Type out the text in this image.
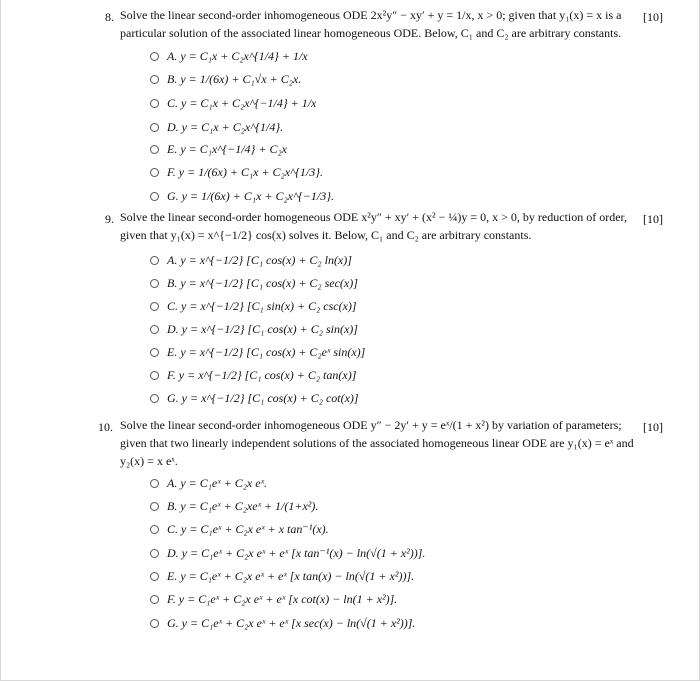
8. Solve the linear second-order inhomogeneous ODE 2x²y″ − xy′ + y = 1/x, x > 0; given that y₁(x) = x is a particular solution of the associated linear homogeneous ODE. Below, C₁ and C₂ are arbitrary constants.
[10]
A. y = C₁x + C₂x^{1/4} + 1/x
B. y = 1/(6x) + C₁√x + C₂x.
C. y = C₁x + C₂x^{−1/4} + 1/x
D. y = C₁x + C₂x^{1/4}.
E. y = C₁x^{−1/4} + C₂x
F. y = 1/(6x) + C₁x + C₂x^{1/3}.
G. y = 1/(6x) + C₁x + C₂x^{−1/3}.
9. Solve the linear second-order homogeneous ODE x²y″ + xy′ + (x² − ¼)y = 0, x > 0, by reduction of order, given that y₁(x) = x^{−1/2} cos(x) solves it. Below, C₁ and C₂ are arbitrary constants.
[10]
A. y = x^{−1/2} [C₁ cos(x) + C₂ ln(x)]
B. y = x^{−1/2} [C₁ cos(x) + C₂ sec(x)]
C. y = x^{−1/2} [C₁ sin(x) + C₂ csc(x)]
D. y = x^{−1/2} [C₁ cos(x) + C₂ sin(x)]
E. y = x^{−1/2} [C₁ cos(x) + C₂eˣ sin(x)]
F. y = x^{−1/2} [C₁ cos(x) + C₂ tan(x)]
G. y = x^{−1/2} [C₁ cos(x) + C₂ cot(x)]
10. Solve the linear second-order inhomogeneous ODE y″ − 2y′ + y = eˣ/(1 + x²) by variation of parameters; given that two linearly independent solutions of the associated homogeneous linear ODE are y₁(x) = eˣ and y₂(x) = x eˣ.
[10]
A. y = C₁eˣ + C₂x eˣ.
B. y = C₁eˣ + C₂xeˣ + 1/(1+x²).
C. y = C₁eˣ + C₂x eˣ + x tan⁻¹(x).
D. y = C₁eˣ + C₂x eˣ + eˣ [x tan⁻¹(x) − ln(√(1 + x²))].
E. y = C₁eˣ + C₂x eˣ + eˣ [x tan(x) − ln(√(1 + x²))].
F. y = C₁eˣ + C₂x eˣ + eˣ [x cot(x) − ln(1 + x²)].
G. y = C₁eˣ + C₂x eˣ + eˣ [x sec(x) − ln(√(1 + x²))].
